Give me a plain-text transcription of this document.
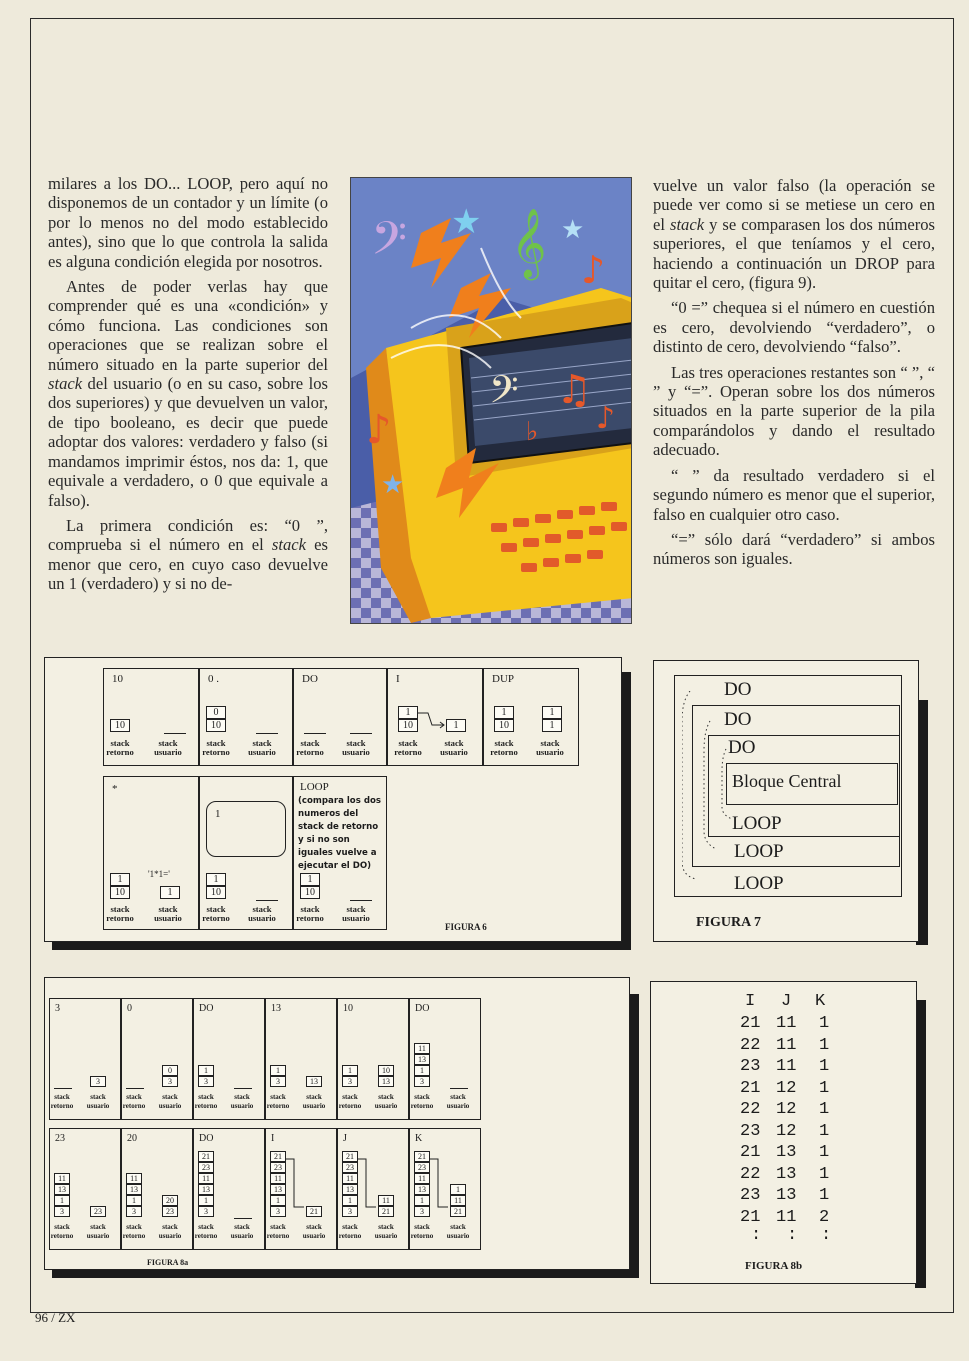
milares a los DO... LOOP, pero aquí no disponemos de un contador y un límite (o por lo menos no del modo establecido antes), sino que lo que controla la salida es alguna condición elegida por nosotros.

Antes de poder verlas hay que comprender qué es una «condición» y cómo funciona. Las condiciones son operaciones que se realizan sobre el número situado en la parte superior del stack del usuario (o en su caso, sobre los dos superiores) y que devuelven un valor, de tipo booleano, es decir que puede adoptar dos valores: verdadero y falso (si mandamos imprimir éstos, nos da: 1, que equivale a verdadero, o 0 que equivale a falso).

La primera condición es: “0 ”, comprueba si el número en el stack es menor que cero, en cuyo caso devuelve un 1 (verdadero) y si no de-

𝄢 ♫
♭ ♪
𝄞
𝄢	♪
♪
★	★
★

vuelve un valor falso (la operación se puede ver como si se metiese un cero en el stack y se comparasen los dos números superiores, el que teníamos y el cero, haciendo a continuación un DROP para quitar el cero, (figura 9).

“0 =” chequea si el número en cuestión es cero, devolviendo “verdadero”, o distinto de cero, devolviendo “falso”.

Las tres operaciones restantes son “ ”, “ ” y “=”. Operan sobre los dos números situados en la parte superior de la pila comparándolos y dando el resultado adecuado.

“ ” da resultado verdadero si el segundo número es menor que el superior, falso en cualquier otro caso.

“=” sólo dará “verdadero” si ambos números son iguales.

10
10
stack
retorno
stack
usuario
0 .
0
10
stack
retorno
stack
usuario
DO
stack
retorno
stack
usuario
I
1
10	1
stack
retorno
stack
usuario
DUP
1
10
1
1
stack
retorno
stack
usuario
*
'1*1='
1
10	1
stack
retorno
stack
usuario
1
1
10
stack
retorno
stack
usuario
LOOP
(compara los dos numeros del stack de retorno y si no son iguales vuelve a ejecutar el DO)
1
10
stack
retorno
stack
usuario
FIGURA 6
DO
DO
DO
Bloque Central
LOOP
LOOP
LOOP
FIGURA 7
FIGURA 8a
3
3
stack
retorno
stack
usuario
0
3
0
stack
retorno
stack
usuario
DO
3
1
stack
retorno
stack
usuario
13
3
1
13
stack
retorno
stack
usuario
10
3
1
13
10
stack
retorno
stack
usuario
DO
3
1
13
11
stack
retorno
stack
usuario
23
3
1
13
11
23
stack
retorno
stack
usuario
20
3
1
13
11
23
20
stack
retorno
stack
usuario
DO
3
1
13
11
23
21
stack
retorno
stack
usuario
I
3
1
13
11
23
21
21
stack
retorno
stack
usuario
J
3
1
13
11
23
21
21
11
stack
retorno
stack
usuario
K
3
1
13
11
23
21
21
11
1
stack
retorno
stack
usuario
I J K
21 11 1
22 11 1
23 11 1
21 12 1
22 12 1
23 12 1
21 13 1
22 13 1
23 13 1
21 11 2
: : :
FIGURA 8b
96 / ZX
